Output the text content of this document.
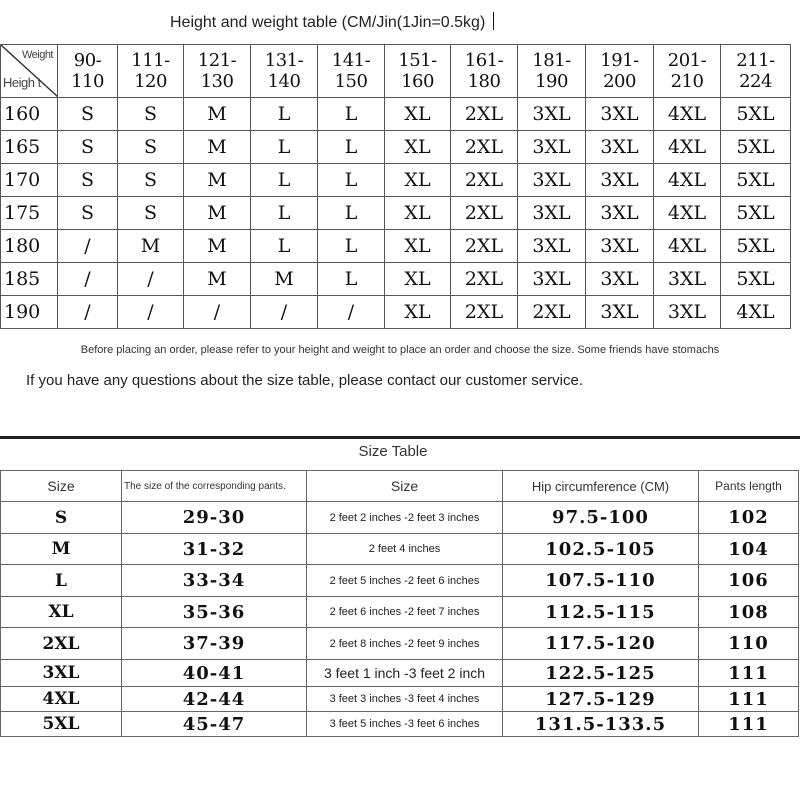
Height and weight table (CM/Jin(1Jin=0.5kg)
Weight
Heigh t	90-110	111-120	121-130	131-140	141-150	151-160	161-180	181-190	191-200	201-210	211-224
160	S	S	M	L	L	XL	2XL	3XL	3XL	4XL	5XL
165	S	S	M	L	L	XL	2XL	3XL	3XL	4XL	5XL
170	S	S	M	L	L	XL	2XL	3XL	3XL	4XL	5XL
175	S	S	M	L	L	XL	2XL	3XL	3XL	4XL	5XL
180	/	M	M	L	L	XL	2XL	3XL	3XL	4XL	5XL
185	/	/	M	M	L	XL	2XL	3XL	3XL	3XL	5XL
190	/	/	/	/	/	XL	2XL	2XL	3XL	3XL	4XL
Before placing an order, please refer to your height and weight to place an order and choose the size. Some friends have stomachs
If you have any questions about the size table, please contact our customer service.
Size Table
Size	The size of the corresponding pants.	Size	Hip circumference (CM)	Pants length
S	29-30	2 feet 2 inches -2 feet 3 inches	97.5-100	102
M	31-32	2 feet 4 inches	102.5-105	104
L	33-34	2 feet 5 inches -2 feet 6 inches	107.5-110	106
XL	35-36	2 feet 6 inches -2 feet 7 inches	112.5-115	108
2XL	37-39	2 feet 8 inches -2 feet 9 inches	117.5-120	110
3XL	40-41	3 feet 1 inch -3 feet 2 inch	122.5-125	111
4XL	42-44	3 feet 3 inches -3 feet 4 inches	127.5-129	111
5XL	45-47	3 feet 5 inches -3 feet 6 inches	131.5-133.5	111
